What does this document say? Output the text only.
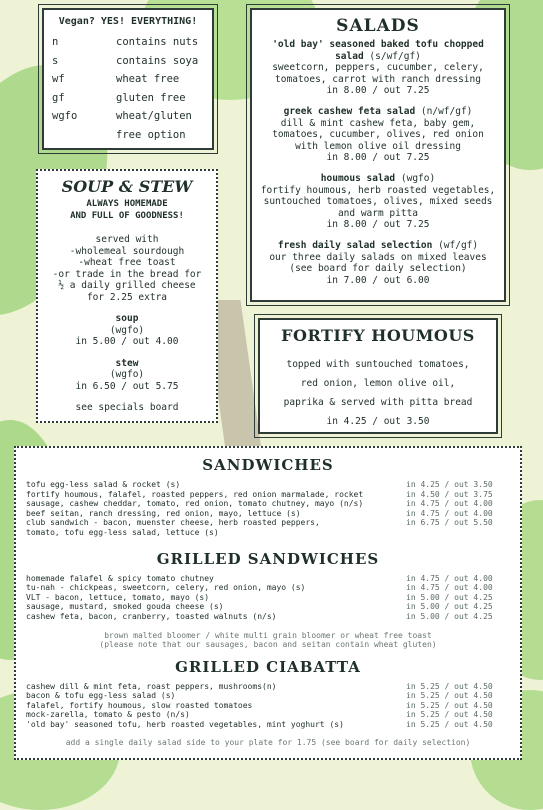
Vegan? YES! EVERYTHING!
n	contains nuts
s	contains soya
wf	wheat free
gf	gluten free
wgfo	wheat/gluten
free option
SOUP & STEW
ALWAYS HOMEMADE
AND FULL OF GOODNESS!

served with
-wholemeal sourdough
-wheat free toast
-or trade in the bread for
½ a daily grilled cheese
for 2.25 extra

soup
(wgfo)
in 5.00 / out 4.00

stew
(wgfo)
in 6.50 / out 5.75

see specials board

SALADS
'old bay' seasoned baked tofu chopped salad (s/wf/gf)
sweetcorn, peppers, cucumber, celery, tomatoes, carrot with ranch dressing
in 8.00 / out 7.25
greek cashew feta salad (n/wf/gf)
dill & mint cashew feta, baby gem, tomatoes, cucumber, olives, red onion with lemon olive oil dressing
in 8.00 / out 7.25
houmous salad (wgfo)
fortify houmous, herb roasted vegetables, suntouched tomatoes, olives, mixed seeds and warm pitta
in 8.00 / out 7.25
fresh daily salad selection (wf/gf)
our three daily salads on mixed leaves (see board for daily selection)
in 7.00 / out 6.00
FORTIFY HOUMOUS
topped with suntouched tomatoes,
red onion, lemon olive oil,
paprika & served with pitta bread
in 4.25 / out 3.50
SANDWICHES
tofu egg-less salad & rocket (s)	in 4.25 / out 3.50
fortify houmous, falafel, roasted peppers, red onion marmalade, rocket	in 4.50 / out 3.75
sausage, cashew cheddar, tomato, red onion, tomato chutney, mayo (n/s)	in 4.75 / out 4.00
beef seitan, ranch dressing, red onion, mayo, lettuce (s)	in 4.75 / out 4.00
club sandwich - bacon, muenster cheese, herb roasted peppers,	in 6.75 / out 5.50
tomato, tofu egg-less salad, lettuce (s)
GRILLED SANDWICHES
homemade falafel & spicy tomato chutney	in 4.75 / out 4.00
tu-nah - chickpeas, sweetcorn, celery, red onion, mayo (s)	in 4.75 / out 4.00
VLT - bacon, lettuce, tomato, mayo (s)	in 5.00 / out 4.25
sausage, mustard, smoked gouda cheese (s)	in 5.00 / out 4.25
cashew feta, bacon, cranberry, toasted walnuts (n/s)	in 5.00 / out 4.25
brown malted bloomer / white multi grain bloomer or wheat free toast
(please note that our sausages, bacon and seitan contain wheat gluten)
GRILLED CIABATTA
cashew dill & mint feta, roast peppers, mushrooms(n)	in 5.25 / out 4.50
bacon & tofu egg-less salad (s)	in 5.25 / out 4.50
falafel, fortify houmous, slow roasted tomatoes	in 5.25 / out 4.50
mock-zarella, tomato & pesto (n/s)	in 5.25 / out 4.50
'old bay' seasoned tofu, herb roasted vegetables, mint yoghurt (s)	in 5.25 / out 4.50
add a single daily salad side to your plate for 1.75 (see board for daily selection)
